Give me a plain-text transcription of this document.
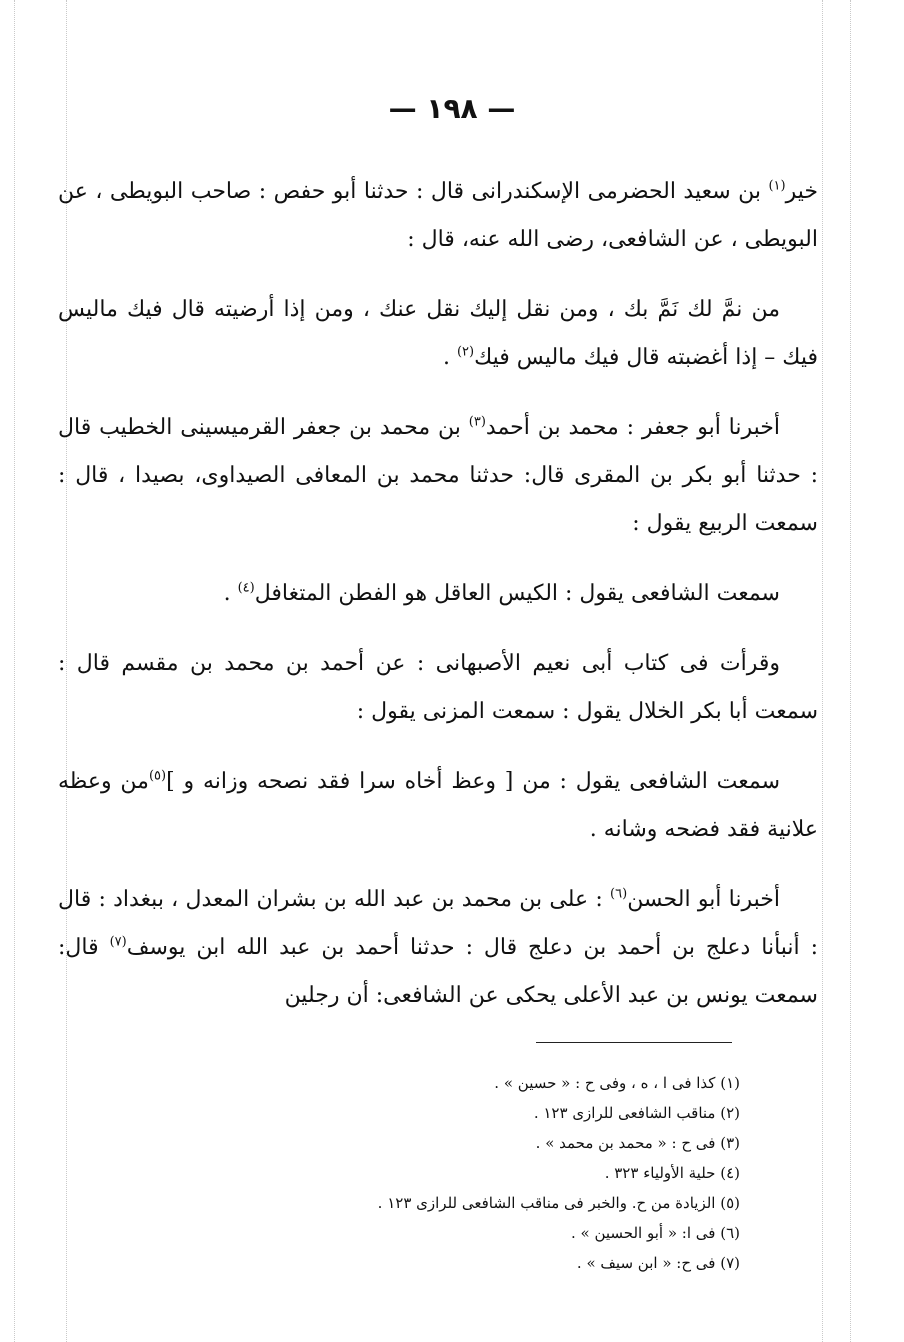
— ١٩٨ —

خير$^{(١)}$ بن سعيد الحضرمى الإسكندرانى قال : حدثنا أبو حفص : صاحب البويطى ، عن البويطى ، عن الشافعى، رضى الله عنه، قال :

من نمَّ لك نَمَّ بك ، ومن نقل إليك نقل عنك ، ومن إذا أرضيته قال فيك ماليس فيك – إذا أغضبته قال فيك ماليس فيك$^{(٢)}$ .

أخبرنا أبو جعفر : محمد بن أحمد$^{(٣)}$ بن محمد بن جعفر القرميسينى الخطيب قال : حدثنا أبو بكر بن المقرى قال: حدثنا محمد بن المعافى الصيداوى، بصيدا ، قال : سمعت الربيع يقول :

سمعت الشافعى يقول : الكيس العاقل هو الفطن المتغافل$^{(٤)}$ .

وقرأت فى كتاب أبى نعيم الأصبهانى : عن أحمد بن محمد بن مقسم قال : سمعت أبا بكر الخلال يقول : سمعت المزنى يقول :

سمعت الشافعى يقول : من [ وعظ أخاه سرا فقد نصحه وزانه و ]$^{(٥)}$من وعظه علانية فقد فضحه وشانه .

أخبرنا أبو الحسن$^{(٦)}$ : على بن محمد بن عبد الله بن بشران المعدل ، ببغداد : قال : أنبأنا دعلج بن أحمد بن دعلج قال : حدثنا أحمد بن عبد الله ابن يوسف$^{(٧)}$ قال: سمعت يونس بن عبد الأعلى يحكى عن الشافعى: أن رجلين

(١) كذا فى ا ، ه ، وفى ح : « حسين » .
(٢) مناقب الشافعى للرازى ١٢٣ .
(٣) فى ح : « محمد بن محمد » .
(٤) حلية الأولياء ٣٢٣ .
(٥) الزيادة من ح. والخبر فى مناقب الشافعى للرازى ١٢٣ .
(٦) فى ا: « أبو الحسين » .
(٧) فى ح: « ابن سيف » .
